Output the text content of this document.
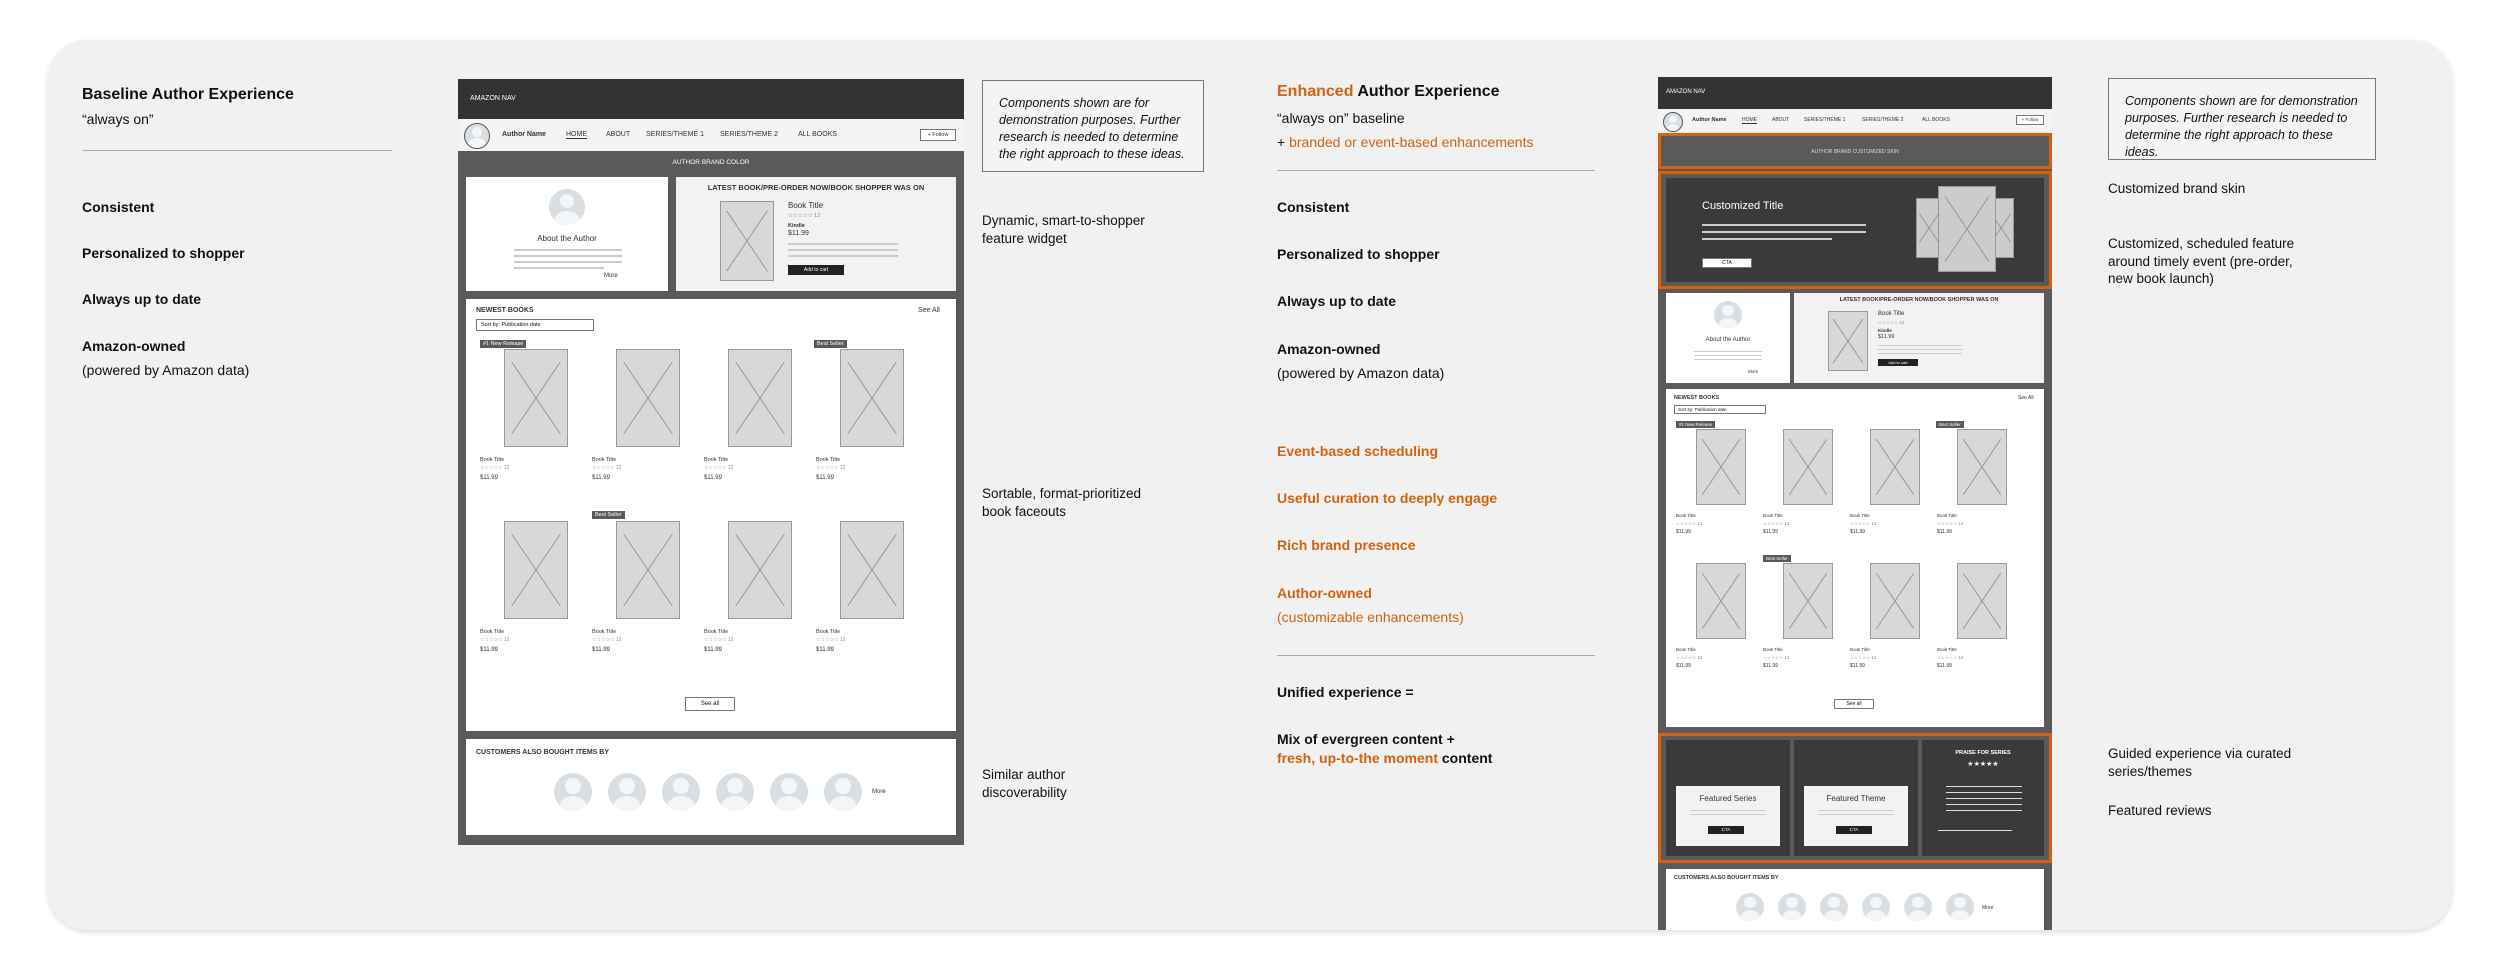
Baseline Author Experience
“always on”
Consistent
Personalized to shopper
Always up to date
Amazon-owned
(powered by Amazon data)
AMAZON NAV
Author Name	HOME	ABOUT SERIES/THEME 1 SERIES/THEME 2	ALL BOOKS	+ Follow
AUTHOR BRAND COLOR
About the Author
More
LATEST BOOK/PRE-ORDER NOW/BOOK SHOPPER WAS ON
Book Title
☆☆☆☆☆ 12
Kindle
$11.99
Add to cart
NEWEST BOOKS	See All
Sort by: Publication date
#1 New Release	Best Seller
Best Seller
Book Title	Book Title	Book Title	Book Title
☆☆☆☆☆ 12	☆☆☆☆☆ 12	☆☆☆☆☆ 12	☆☆☆☆☆ 12
$11.99	$11.99	$11.99	$11.99
Book Title	Book Title	Book Title	Book Title
☆☆☆☆☆ 12	☆☆☆☆☆ 12	☆☆☆☆☆ 12	☆☆☆☆☆ 12
$11.99	$11.99	$11.99	$11.99
See all
CUSTOMERS ALSO BOUGHT ITEMS BY
More
Components shown are for demonstration purposes. Further research is needed to determine the right approach to these ideas.
Dynamic, smart-to-shopper feature widget
Sortable, format-prioritized book faceouts
Similar author discoverability
Enhanced Author Experience
“always on” baseline
+ branded or event-based enhancements
Consistent
Personalized to shopper
Always up to date
Amazon-owned
(powered by Amazon data)
Event-based scheduling
Useful curation to deeply engage
Rich brand presence
Author-owned
(customizable enhancements)
Unified experience =
Mix of evergreen content +
fresh, up-to-the moment content
AMAZON NAV
Author Name	HOME	ABOUT	SERIES/THEME 1	SERIES/THEME 2	ALL BOOKS	+ Follow
AUTHOR BRAND CUSTOMIZED SKIN
Customized Title
CTA
About the Author
More
LATEST BOOK/PRE-ORDER NOW/BOOK SHOPPER WAS ON
Book Title
☆☆☆☆☆ 12
Kindle
$11.99
Add to cart
NEWEST BOOKS	See All
Sort by: Publication date
#1 New Release	Best Seller
Best Seller
Book Title	Book Title	Book Title	Book Title
☆☆☆☆☆ 12	☆☆☆☆☆ 12	☆☆☆☆☆ 12	☆☆☆☆☆ 12
$11.99	$11.99	$11.99	$11.99
Book Title	Book Title	Book Title	Book Title
☆☆☆☆☆ 12	☆☆☆☆☆ 12	☆☆☆☆☆ 12	☆☆☆☆☆ 12
$11.99	$11.99	$11.99	$11.99
See all
Featured Series
CTA
Featured Theme
CTA
PRAISE FOR SERIES
★★★★★
CUSTOMERS ALSO BOUGHT ITEMS BY
More
Components shown are for demonstration purposes. Further research is needed to determine the right approach to these ideas.
Customized brand skin
Customized, scheduled feature around timely event (pre-order, new book launch)
Guided experience via curated series/themes
Featured reviews
